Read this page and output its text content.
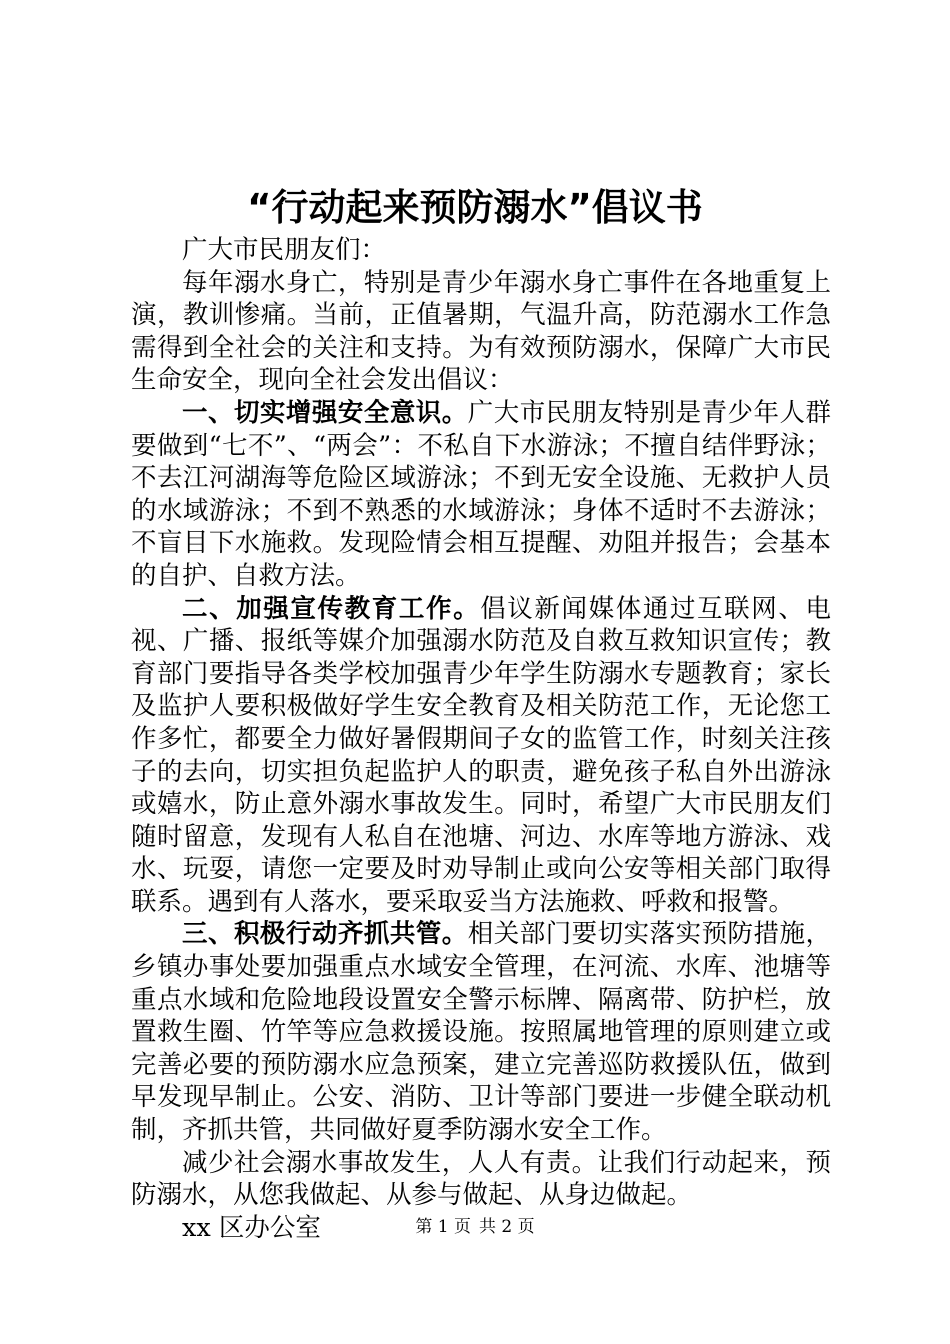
“行动起来预防溺水”倡议书

广大市民朋友们：

每年溺水身亡，特别是青少年溺水身亡事件在各地重复上演，教训惨痛。当前，正值暑期，气温升高，防范溺水工作急需得到全社会的关注和支持。为有效预防溺水，保障广大市民生命安全，现向全社会发出倡议：

一、切实增强安全意识。广大市民朋友特别是青少年人群要做到“七不”、“两会”：不私自下水游泳；不擅自结伴野泳；不去江河湖海等危险区域游泳；不到无安全设施、无救护人员的水域游泳；不到不熟悉的水域游泳；身体不适时不去游泳；不盲目下水施救。发现险情会相互提醒、劝阻并报告；会基本的自护、自救方法。

二、加强宣传教育工作。倡议新闻媒体通过互联网、电视、广播、报纸等媒介加强溺水防范及自救互救知识宣传；教育部门要指导各类学校加强青少年学生防溺水专题教育；家长及监护人要积极做好学生安全教育及相关防范工作，无论您工作多忙，都要全力做好暑假期间子女的监管工作，时刻关注孩子的去向，切实担负起监护人的职责，避免孩子私自外出游泳或嬉水，防止意外溺水事故发生。同时，希望广大市民朋友们随时留意，发现有人私自在池塘、河边、水库等地方游泳、戏水、玩耍，请您一定要及时劝导制止或向公安等相关部门取得联系。遇到有人落水，要采取妥当方法施救、呼救和报警。

三、积极行动齐抓共管。相关部门要切实落实预防措施，乡镇办事处要加强重点水域安全管理，在河流、水库、池塘等重点水域和危险地段设置安全警示标牌、隔离带、防护栏，放置救生圈、竹竿等应急救援设施。按照属地管理的原则建立或完善必要的预防溺水应急预案，建立完善巡防救援队伍，做到早发现早制止。公安、消防、卫计等部门要进一步健全联动机制，齐抓共管，共同做好夏季防溺水安全工作。

减少社会溺水事故发生，人人有责。让我们行动起来，预防溺水，从您我做起、从参与做起、从身边做起。

xx 区办公室	第 1 页 共 2 页
